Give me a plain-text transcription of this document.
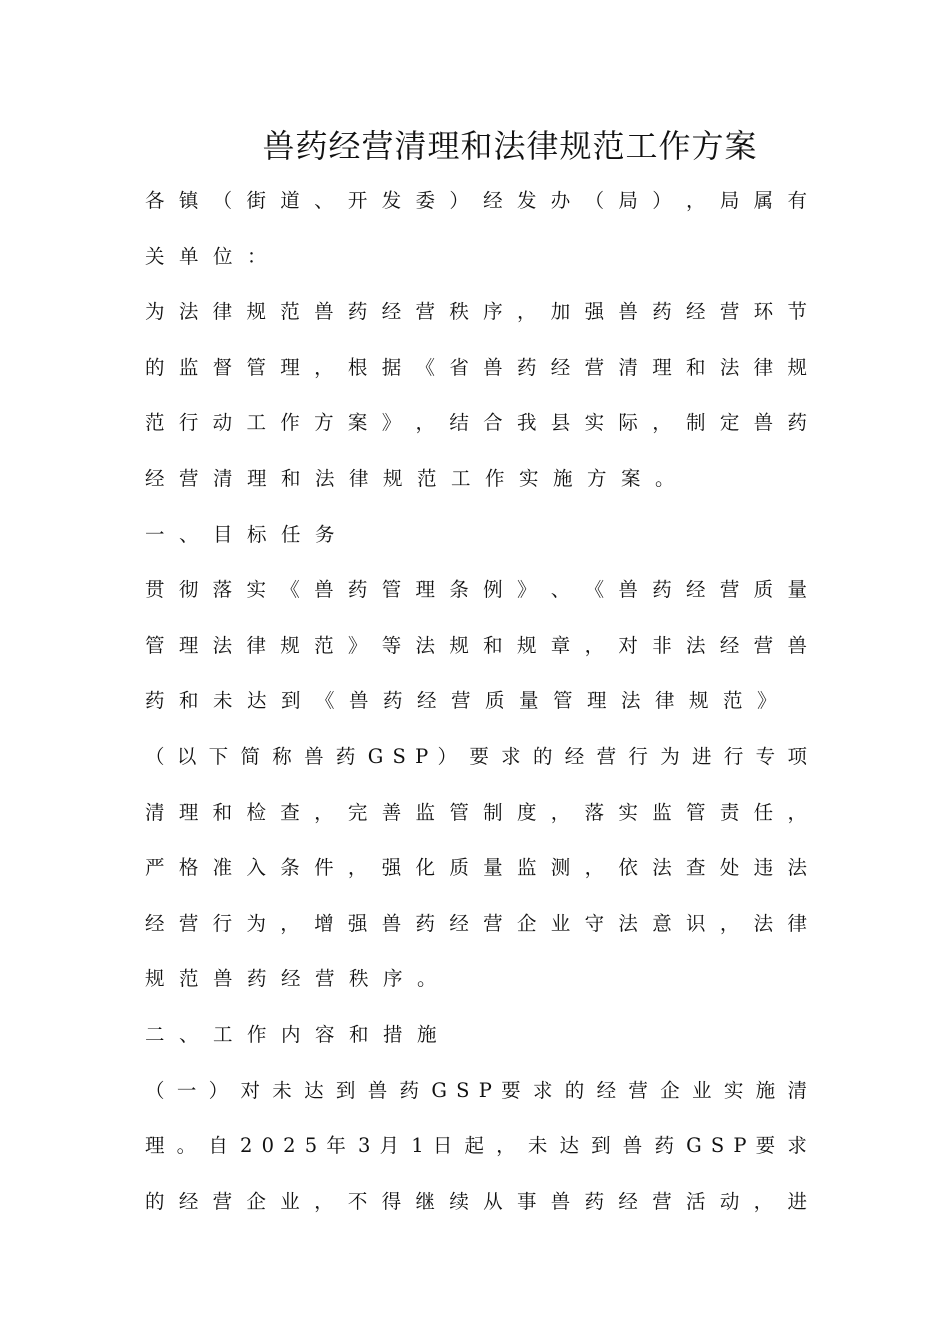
兽药经营清理和法律规范工作方案
各 镇 （ 街 道 、 开 发 委 ） 经 发 办 （ 局 ） ， 局 属 有
关单位：
为 法 律 规 范 兽 药 经 营 秩 序 ， 加 强 兽 药 经 营 环 节
的 监 督 管 理 ， 根 据 《 省 兽 药 经 营 清 理 和 法 律 规
范 行 动 工 作 方 案 》 ， 结 合 我 县 实 际 ， 制 定 兽 药
经营清理和法律规范工作实施方案。
一、目标任务
贯 彻 落 实 《 兽 药 管 理 条 例 》 、 《 兽 药 经 营 质 量
管 理 法 律 规 范 》 等 法 规 和 规 章 ， 对 非 法 经 营 兽
药和未达到《兽药经营质量管理法律规范》
（ 以 下 简 称 兽 药 G S P ） 要 求 的 经 营 行 为 进 行 专 项
清 理 和 检 查 ， 完 善 监 管 制 度 ， 落 实 监 管 责 任 ，
严 格 准 入 条 件 ， 强 化 质 量 监 测 ， 依 法 查 处 违 法
经 营 行 为 ， 增 强 兽 药 经 营 企 业 守 法 意 识 ， 法 律
规范兽药经营秩序。
二、工作内容和措施
（ 一 ） 对 未 达 到 兽 药 G S P 要 求 的 经 营 企 业 实 施 清
理 。 自 2 0 2 5 年 3 月 1 日 起 ， 未 达 到 兽 药 G S P 要 求
的 经 营 企 业 ， 不 得 继 续 从 事 兽 药 经 营 活 动 ， 进
